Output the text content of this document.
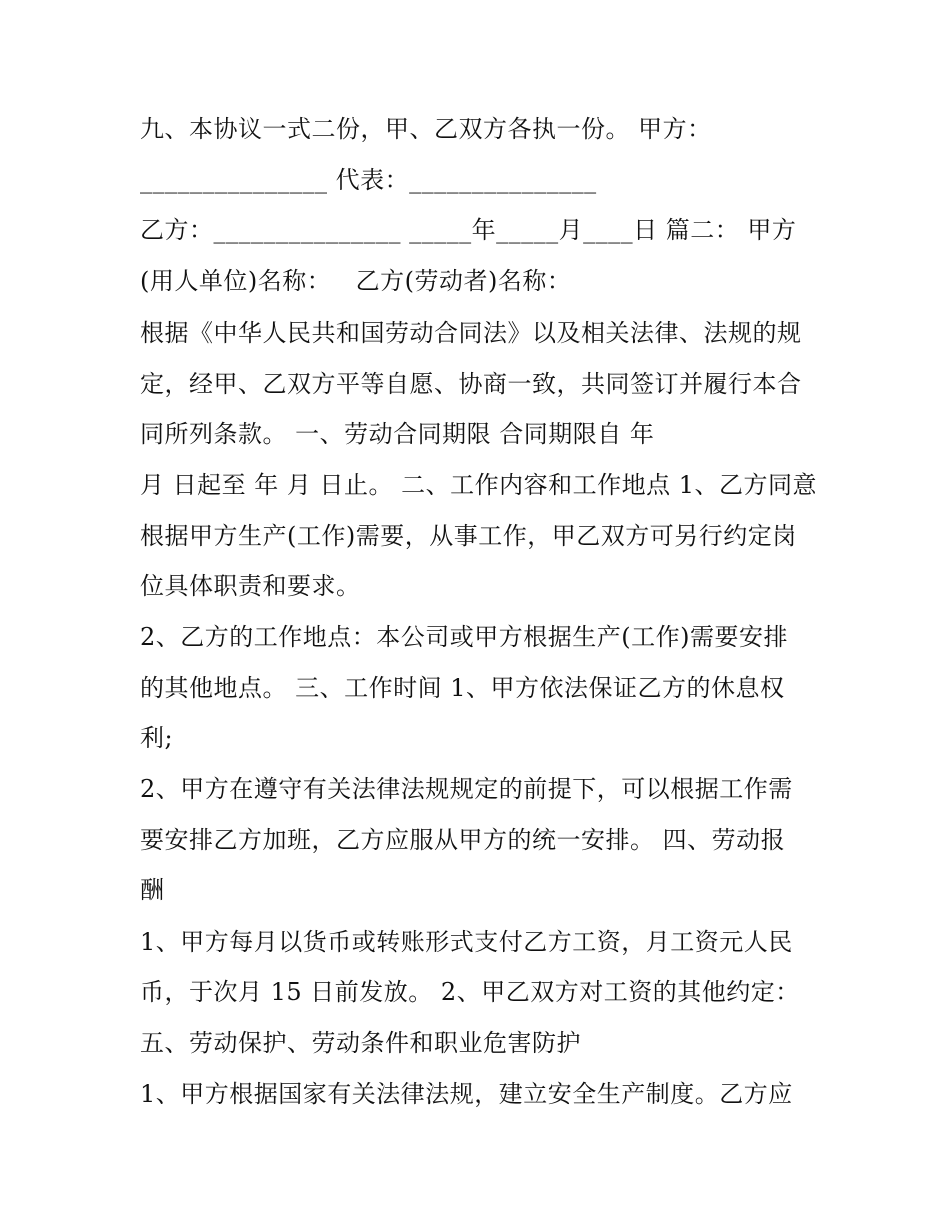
九、本协议一式二份，甲、乙双方各执一份。 甲方：
_______________ 代表：_______________
乙方：_______________ _____年_____月____日 篇二： 甲方
(用人单位)名称：   乙方(劳动者)名称：
根据《中华人民共和国劳动合同法》以及相关法律、法规的规
定，经甲、乙双方平等自愿、协商一致，共同签订并履行本合
同所列条款。 一、劳动合同期限 合同期限自 年
月 日起至 年 月 日止。 二、工作内容和工作地点 1、乙方同意
根据甲方生产(工作)需要，从事工作，甲乙双方可另行约定岗
位具体职责和要求。
2、乙方的工作地点：本公司或甲方根据生产(工作)需要安排
的其他地点。 三、工作时间 1、甲方依法保证乙方的休息权
利;
2、甲方在遵守有关法律法规规定的前提下，可以根据工作需
要安排乙方加班，乙方应服从甲方的统一安排。 四、劳动报
酬
1、甲方每月以货币或转账形式支付乙方工资，月工资元人民
币，于次月 15 日前发放。 2、甲乙双方对工资的其他约定：
五、劳动保护、劳动条件和职业危害防护
1、甲方根据国家有关法律法规，建立安全生产制度。乙方应
